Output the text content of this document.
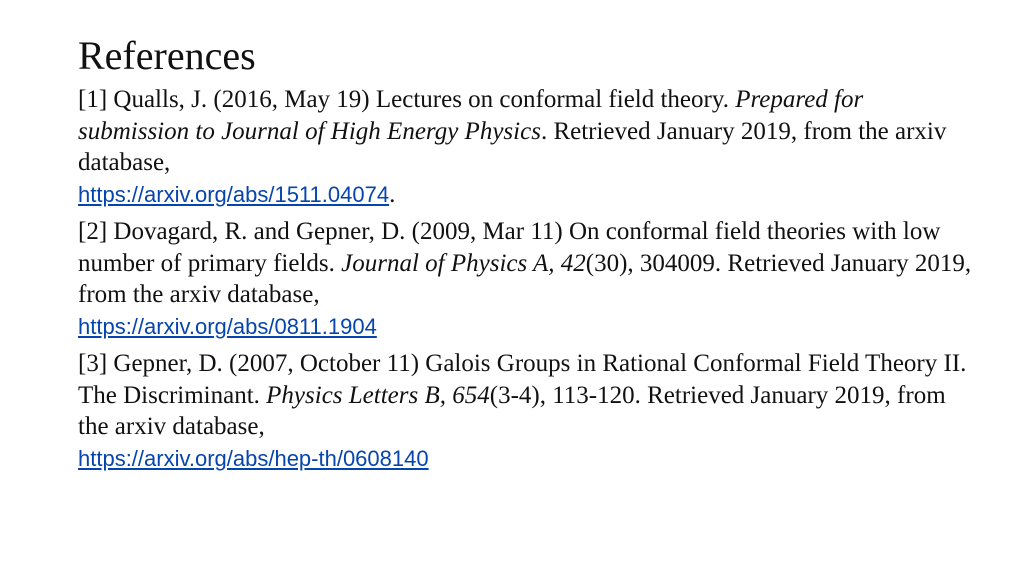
References

[1] Qualls, J. (2016, May 19) Lectures on conformal field theory. Prepared for submission to Journal of High Energy Physics. Retrieved January 2019, from the arxiv database,
https://arxiv.org/abs/1511.04074.

[2] Dovagard, R. and Gepner, D. (2009, Mar 11) On conformal field theories with low number of primary fields. Journal of Physics A, 42(30), 304009. Retrieved January 2019, from the arxiv database,
https://arxiv.org/abs/0811.1904

[3] Gepner, D. (2007, October 11) Galois Groups in Rational Conformal Field Theory II. The Discriminant. Physics Letters B, 654(3-4), 113-120. Retrieved January 2019, from the arxiv database,
https://arxiv.org/abs/hep-th/0608140
